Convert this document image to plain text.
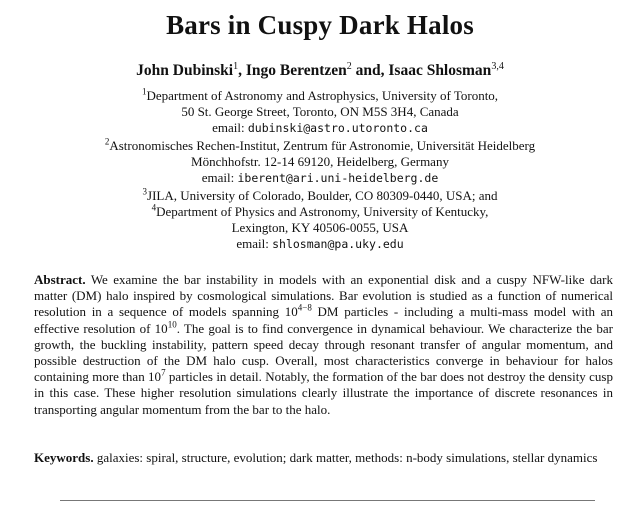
Bars in Cuspy Dark Halos
John Dubinski$^1$, Ingo Berentzen$^2$ and, Isaac Shlosman$^{3,4}$
$^1$Department of Astronomy and Astrophysics, University of Toronto,
50 St. George Street, Toronto, ON M5S 3H4, Canada
email: dubinski@astro.utoronto.ca
$^2$Astronomisches Rechen-Institut, Zentrum für Astronomie, Universität Heidelberg
Mönchhofstr. 12-14 69120, Heidelberg, Germany
email: iberent@ari.uni-heidelberg.de
$^3$JILA, University of Colorado, Boulder, CO 80309-0440, USA; and
$^4$Department of Physics and Astronomy, University of Kentucky,
Lexington, KY 40506-0055, USA
email: shlosman@pa.uky.edu
Abstract. We examine the bar instability in models with an exponential disk and a cuspy NFW-like dark matter (DM) halo inspired by cosmological simulations. Bar evolution is studied as a function of numerical resolution in a sequence of models spanning $10^{4-8}$ DM particles - including a multi-mass model with an effective resolution of $10^{10}$. The goal is to find convergence in dynamical behaviour. We characterize the bar growth, the buckling instability, pattern speed decay through resonant transfer of angular momentum, and possible destruction of the DM halo cusp. Overall, most characteristics converge in behaviour for halos containing more than $10^7$ particles in detail. Notably, the formation of the bar does not destroy the density cusp in this case. These higher resolution simulations clearly illustrate the importance of discrete resonances in transporting angular momentum from the bar to the halo.
Keywords. galaxies: spiral, structure, evolution; dark matter, methods: n-body simulations, stellar dynamics
